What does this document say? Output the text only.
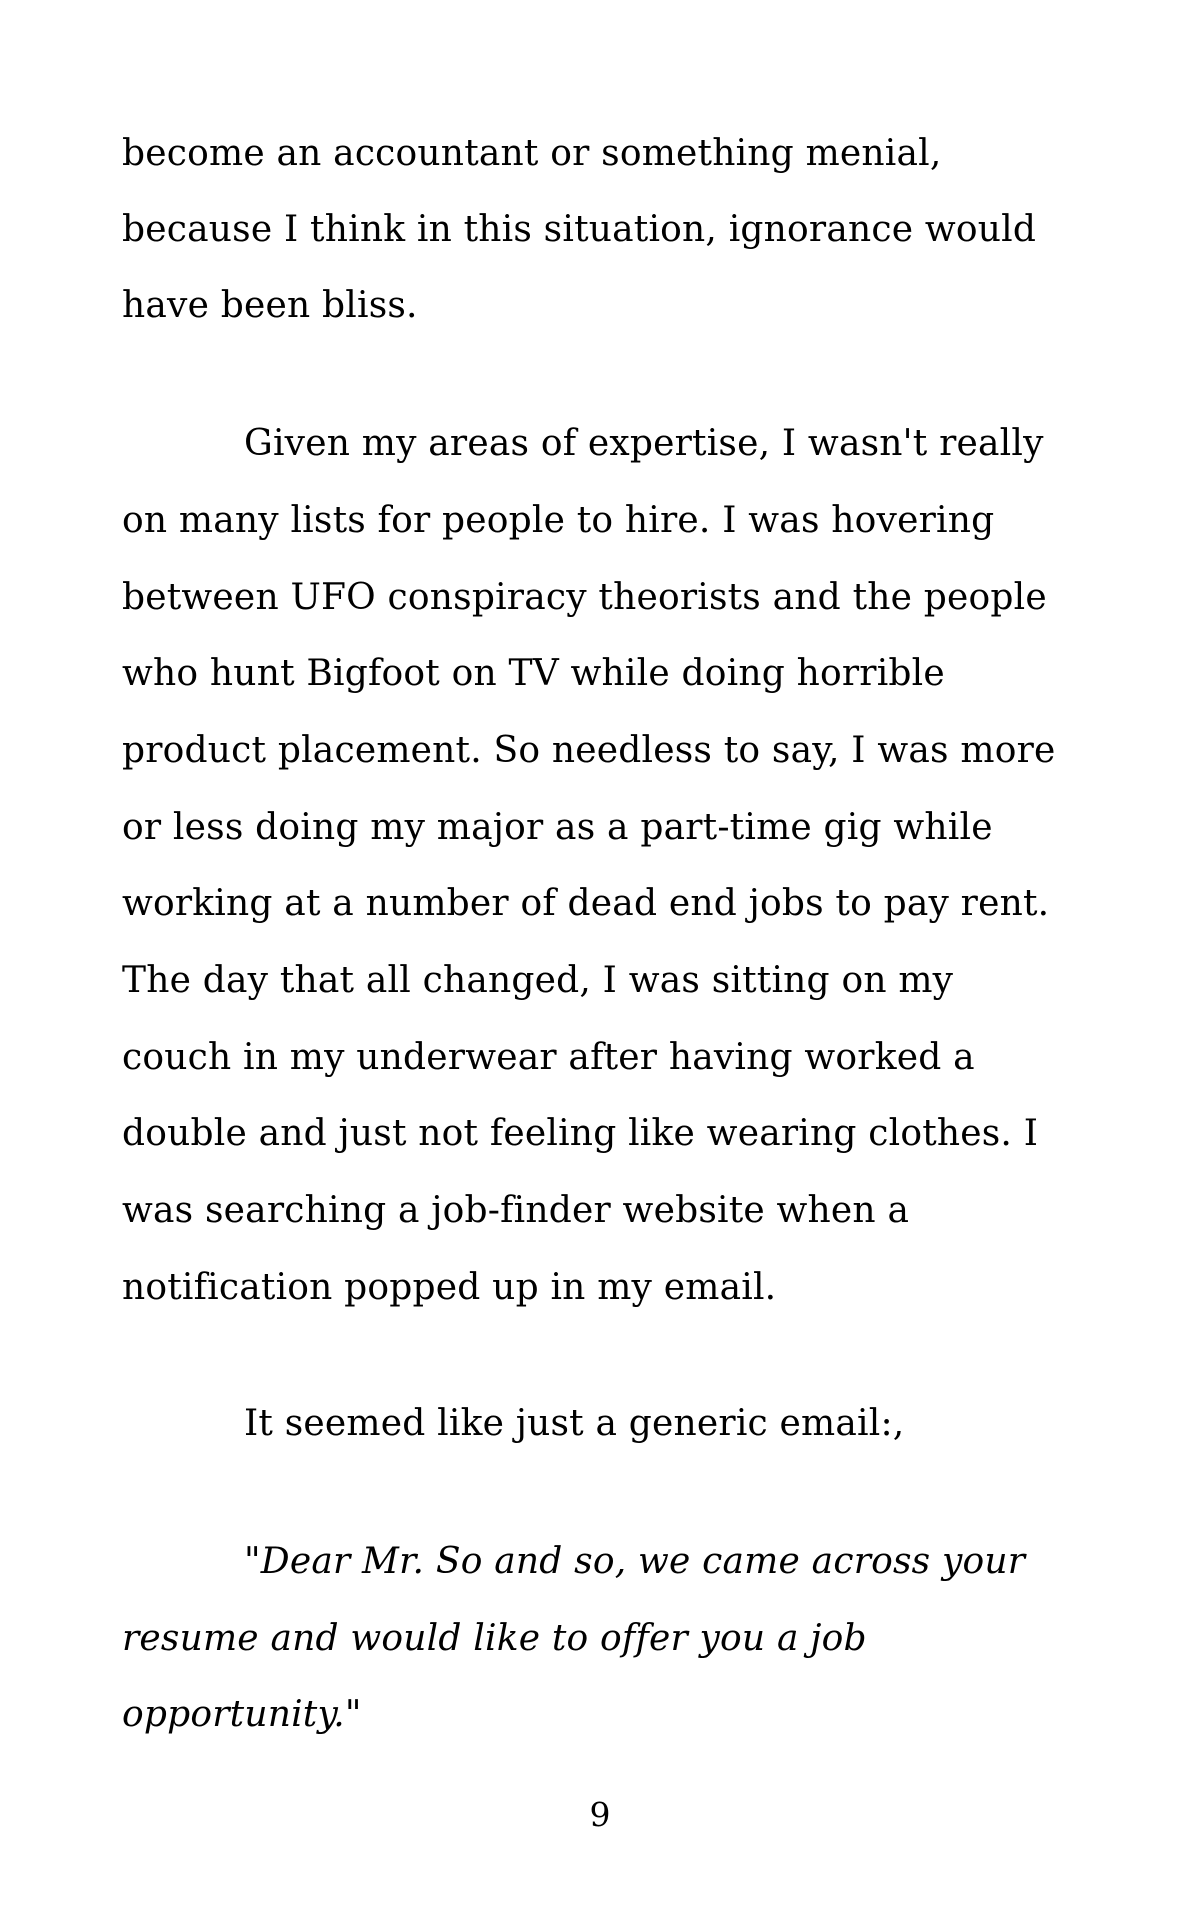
become an accountant or something menial,
because I think in this situation, ignorance would
have been bliss.
Given my areas of expertise, I wasn't really
on many lists for people to hire. I was hovering
between UFO conspiracy theorists and the people
who hunt Bigfoot on TV while doing horrible
product placement. So needless to say, I was more
or less doing my major as a part-time gig while
working at a number of dead end jobs to pay rent.
The day that all changed, I was sitting on my
couch in my underwear after having worked a
double and just not feeling like wearing clothes. I
was searching a job-finder website when a
notification popped up in my email.
It seemed like just a generic email:,
"Dear Mr. So and so, we came across your
resume and would like to offer you a job
opportunity."
9
